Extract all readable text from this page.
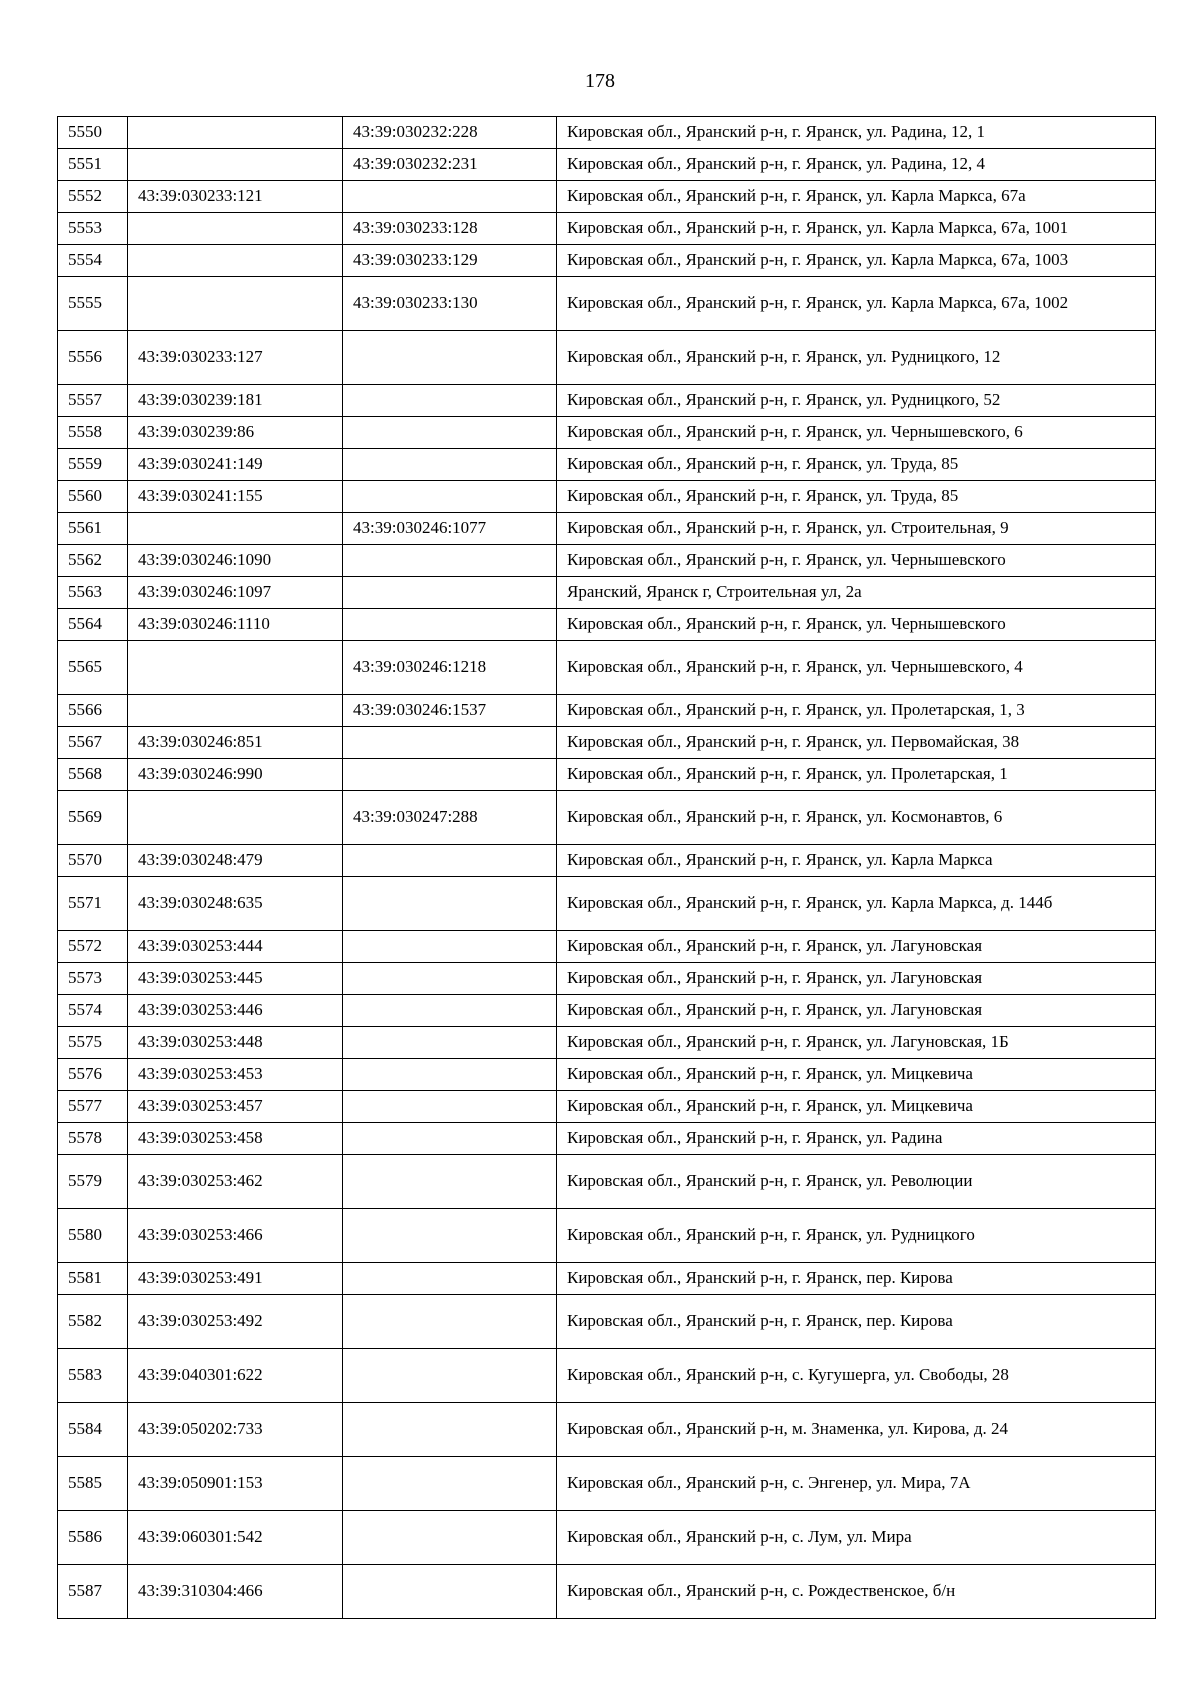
178
5550		43:39:030232:228	Кировская обл., Яранский р-н, г. Яранск, ул. Радина, 12, 1
5551		43:39:030232:231	Кировская обл., Яранский р-н, г. Яранск, ул. Радина, 12, 4
5552	43:39:030233:121		Кировская обл., Яранский р-н, г. Яранск, ул. Карла Маркса, 67а
5553		43:39:030233:128	Кировская обл., Яранский р-н, г. Яранск, ул. Карла Маркса, 67а, 1001
5554		43:39:030233:129	Кировская обл., Яранский р-н, г. Яранск, ул. Карла Маркса, 67а, 1003
5555		43:39:030233:130	Кировская обл., Яранский р-н, г. Яранск, ул. Карла Маркса, 67а, 1002
5556	43:39:030233:127		Кировская обл., Яранский р-н, г. Яранск, ул. Рудницкого, 12
5557	43:39:030239:181		Кировская обл., Яранский р-н, г. Яранск, ул. Рудницкого, 52
5558	43:39:030239:86		Кировская обл., Яранский р-н, г. Яранск, ул. Чернышевского, 6
5559	43:39:030241:149		Кировская обл., Яранский р-н, г. Яранск, ул. Труда, 85
5560	43:39:030241:155		Кировская обл., Яранский р-н, г. Яранск, ул. Труда, 85
5561		43:39:030246:1077	Кировская обл., Яранский р-н, г. Яранск, ул. Строительная, 9
5562	43:39:030246:1090		Кировская обл., Яранский р-н, г. Яранск, ул. Чернышевского
5563	43:39:030246:1097		Яранский, Яранск г, Строительная ул, 2а
5564	43:39:030246:1110		Кировская обл., Яранский р-н, г. Яранск, ул. Чернышевского
5565		43:39:030246:1218	Кировская обл., Яранский р-н, г. Яранск, ул. Чернышевского, 4
5566		43:39:030246:1537	Кировская обл., Яранский р-н, г. Яранск, ул. Пролетарская, 1, 3
5567	43:39:030246:851		Кировская обл., Яранский р-н, г. Яранск, ул. Первомайская, 38
5568	43:39:030246:990		Кировская обл., Яранский р-н, г. Яранск, ул. Пролетарская, 1
5569		43:39:030247:288	Кировская обл., Яранский р-н, г. Яранск, ул. Космонавтов, 6
5570	43:39:030248:479		Кировская обл., Яранский р-н, г. Яранск, ул. Карла Маркса
5571	43:39:030248:635		Кировская обл., Яранский р-н, г. Яранск, ул. Карла Маркса, д. 144б
5572	43:39:030253:444		Кировская обл., Яранский р-н, г. Яранск, ул. Лагуновская
5573	43:39:030253:445		Кировская обл., Яранский р-н, г. Яранск, ул. Лагуновская
5574	43:39:030253:446		Кировская обл., Яранский р-н, г. Яранск, ул. Лагуновская
5575	43:39:030253:448		Кировская обл., Яранский р-н, г. Яранск, ул. Лагуновская, 1Б
5576	43:39:030253:453		Кировская обл., Яранский р-н, г. Яранск, ул. Мицкевича
5577	43:39:030253:457		Кировская обл., Яранский р-н, г. Яранск, ул. Мицкевича
5578	43:39:030253:458		Кировская обл., Яранский р-н, г. Яранск, ул. Радина
5579	43:39:030253:462		Кировская обл., Яранский р-н, г. Яранск, ул. Революции
5580	43:39:030253:466		Кировская обл., Яранский р-н, г. Яранск, ул. Рудницкого
5581	43:39:030253:491		Кировская обл., Яранский р-н, г. Яранск, пер. Кирова
5582	43:39:030253:492		Кировская обл., Яранский р-н, г. Яранск, пер. Кирова
5583	43:39:040301:622		Кировская обл., Яранский р-н, с. Кугушерга, ул. Свободы, 28
5584	43:39:050202:733		Кировская обл., Яранский р-н, м. Знаменка, ул. Кирова, д. 24
5585	43:39:050901:153		Кировская обл., Яранский р-н, с. Энгенер, ул. Мира, 7А
5586	43:39:060301:542		Кировская обл., Яранский р-н, с. Лум, ул. Мира
5587	43:39:310304:466		Кировская обл., Яранский р-н, с. Рождественское, б/н
